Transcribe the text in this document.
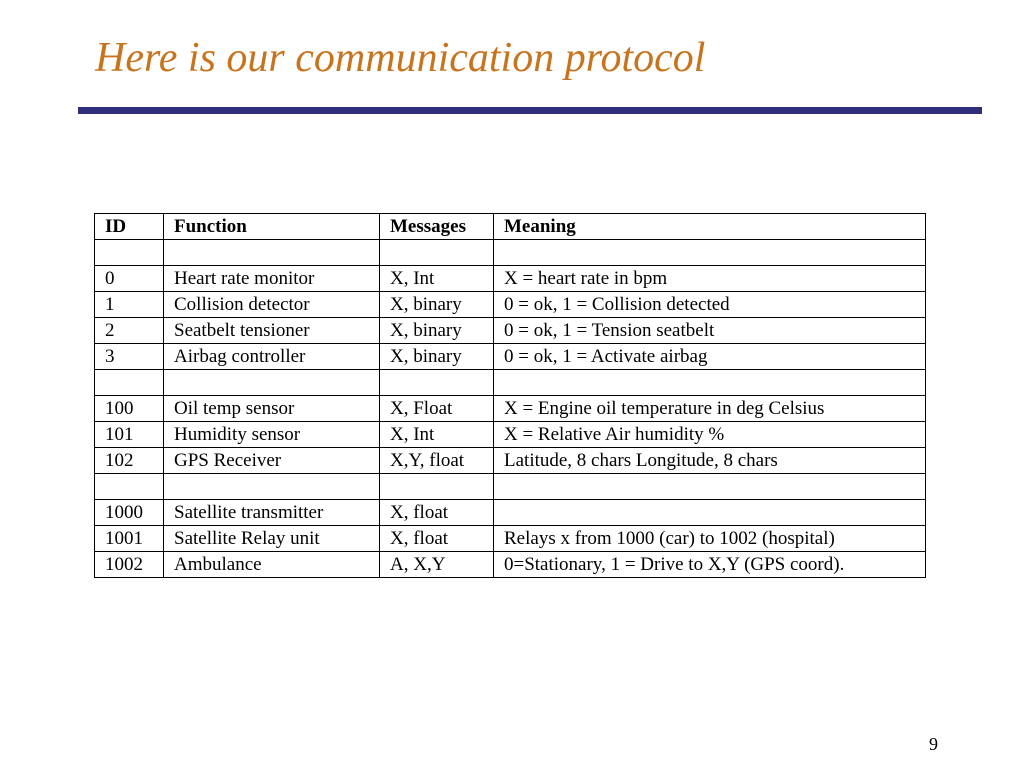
Here is our communication protocol
ID	Function	Messages	Meaning

0	Heart rate monitor	X, Int	X = heart rate in bpm
1	Collision detector	X, binary	0 = ok, 1 = Collision detected
2	Seatbelt tensioner	X, binary	0 = ok, 1 = Tension seatbelt
3	Airbag controller	X, binary	0 = ok, 1 = Activate airbag

100	Oil temp sensor	X, Float	X = Engine oil temperature in deg Celsius
101	Humidity sensor	X, Int	X = Relative Air humidity %
102	GPS Receiver	X,Y, float	Latitude, 8 chars Longitude, 8 chars

1000	Satellite transmitter	X, float	
1001	Satellite Relay unit	X, float	Relays x from 1000 (car) to 1002 (hospital)
1002	Ambulance	A, X,Y	0=Stationary, 1 = Drive to X,Y (GPS coord).
9
